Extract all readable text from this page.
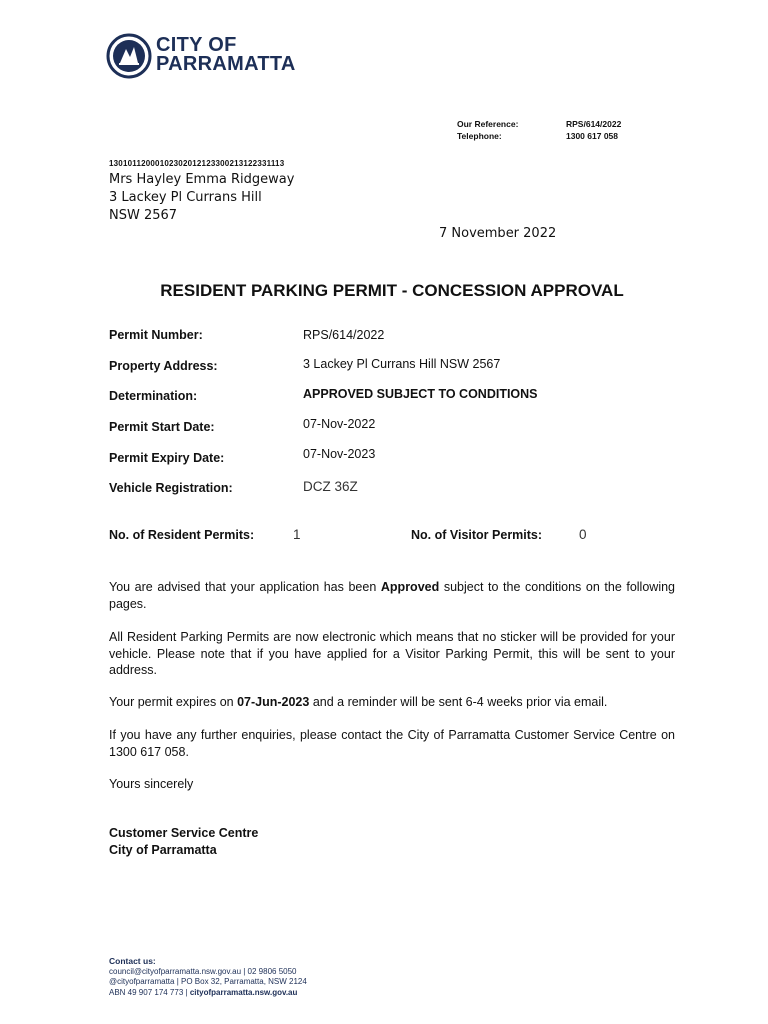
CITY OF
PARRAMATTA
Our Reference:	RPS/614/2022
Telephone:	1300 617 058
13010112000102302012123300213122331113
Mrs Hayley Emma Ridgeway
3 Lackey Pl Currans Hill
NSW 2567
7 November 2022
RESIDENT PARKING PERMIT - CONCESSION APPROVAL
Permit Number:	RPS/614/2022
Property Address:	3 Lackey Pl Currans Hill NSW 2567
Determination:	APPROVED SUBJECT TO CONDITIONS
Permit Start Date:	07-Nov-2022
Permit Expiry Date:	07-Nov-2023
Vehicle Registration:	DCZ 36Z
No. of Resident Permits:	1	No. of Visitor Permits:	0
You are advised that your application has been Approved subject to the conditions on the following pages.
All Resident Parking Permits are now electronic which means that no sticker will be provided for your vehicle. Please note that if you have applied for a Visitor Parking Permit, this will be sent to your address.
Your permit expires on 07-Jun-2023 and a reminder will be sent 6-4 weeks prior via email.
If you have any further enquiries, please contact the City of Parramatta Customer Service Centre on 1300 617 058.
Yours sincerely
Customer Service Centre
City of Parramatta
Contact us:
council@cityofparramatta.nsw.gov.au | 02 9806 5050
@cityofparramatta | PO Box 32, Parramatta, NSW 2124
ABN 49 907 174 773 | cityofparramatta.nsw.gov.au
